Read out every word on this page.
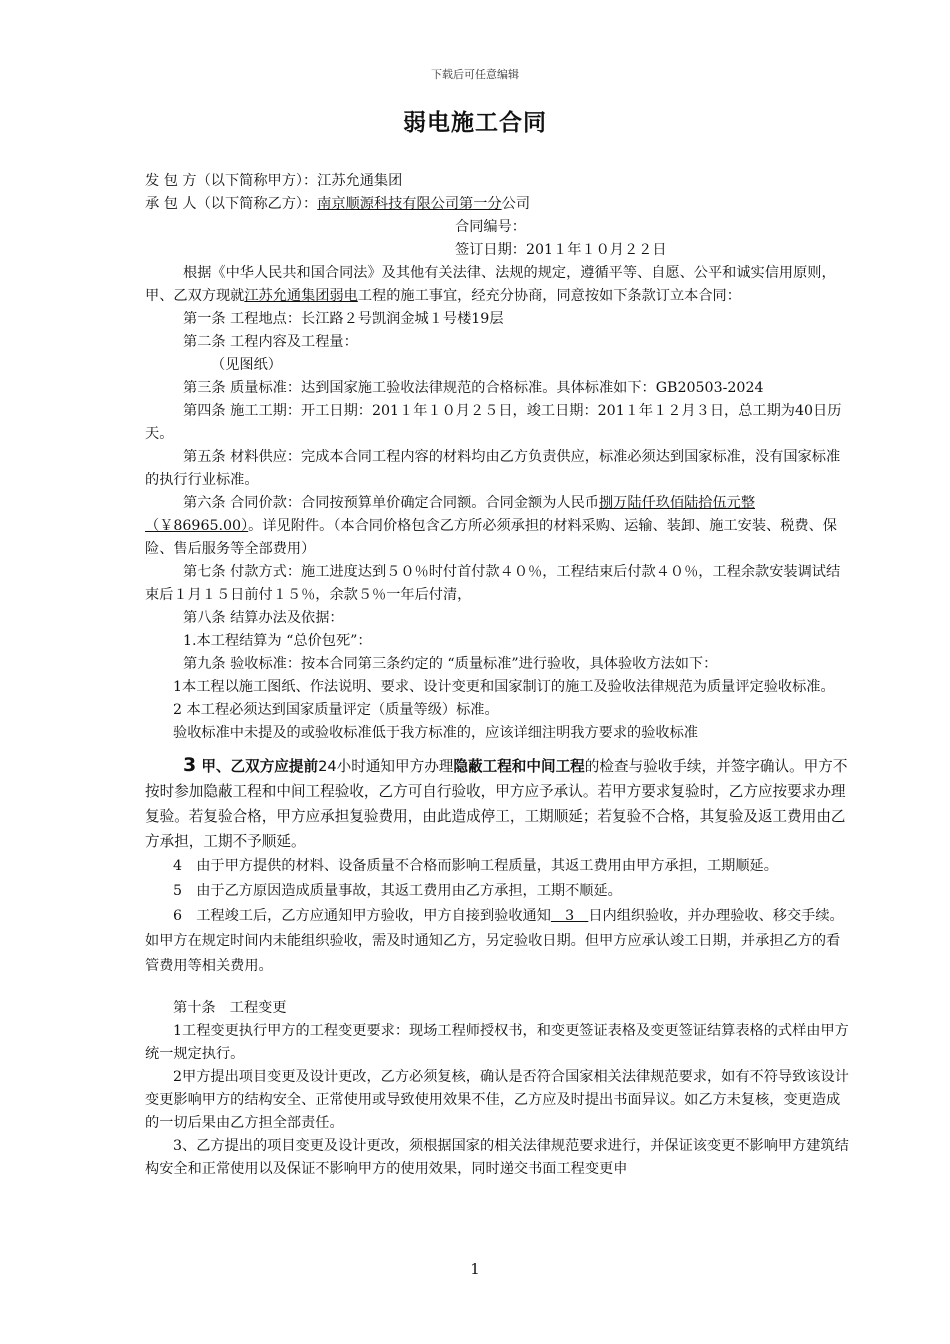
下载后可任意编辑
弱电施工合同

发 包 方（以下简称甲方）：江苏允通集团

承 包 人（以下简称乙方）：南京顺源科技有限公司第一分公司

合同编号：

签订日期：201１年１０月２２日

根据《中华人民共和国合同法》及其他有关法律、法规的规定，遵循平等、自愿、公平和诚实信用原则，甲、乙双方现就江苏允通集团弱电工程的施工事宜，经充分协商，同意按如下条款订立本合同：

第一条 工程地点：长江路２号凯润金城１号楼19层

第二条 工程内容及工程量：

（见图纸）

第三条 质量标准：达到国家施工验收法律规范的合格标准。具体标准如下：GB20503-2024

第四条 施工工期：开工日期：201１年１０月２５日，竣工日期：201１年１２月３日，总工期为40日历天。

第五条 材料供应：完成本合同工程内容的材料均由乙方负责供应，标准必须达到国家标准，没有国家标准的执行行业标准。

第六条 合同价款：合同按预算单价确定合同额。合同金额为人民币捌万陆仟玖佰陆拾伍元整（￥86965.00）。详见附件。（本合同价格包含乙方所必须承担的材料采购、运输、装卸、施工安装、税费、保险、售后服务等全部费用）

第七条 付款方式：施工进度达到５０％时付首付款４０％，工程结束后付款４０％，工程余款安装调试结束后１月１５日前付１５％，余款５％一年后付清，

第八条 结算办法及依据：

1.本工程结算为 “总价包死”：

第九条 验收标准：按本合同第三条约定的 “质量标准”进行验收，具体验收方法如下：

1本工程以施工图纸、作法说明、要求、设计变更和国家制订的施工及验收法律规范为质量评定验收标准。

2 本工程必须达到国家质量评定（质量等级）标准。

验收标准中未提及的或验收标准低于我方标准的，应该详细注明我方要求的验收标准

3 甲、乙双方应提前24小时通知甲方办理隐蔽工程和中间工程的检查与验收手续，并签字确认。甲方不按时参加隐蔽工程和中间工程验收，乙方可自行验收，甲方应予承认。若甲方要求复验时，乙方应按要求办理复验。若复验合格，甲方应承担复验费用，由此造成停工，工期顺延；若复验不合格，其复验及返工费用由乙方承担，工期不予顺延。

4　由于甲方提供的材料、设备质量不合格而影响工程质量，其返工费用由甲方承担，工期顺延。

5　由于乙方原因造成质量事故，其返工费用由乙方承担，工期不顺延。

6　工程竣工后，乙方应通知甲方验收，甲方自接到验收通知　3　日内组织验收，并办理验收、移交手续。如甲方在规定时间内未能组织验收，需及时通知乙方，另定验收日期。但甲方应承认竣工日期，并承担乙方的看管费用等相关费用。

第十条　工程变更

1工程变更执行甲方的工程变更要求：现场工程师授权书，和变更签证表格及变更签证结算表格的式样由甲方统一规定执行。

2甲方提出项目变更及设计更改，乙方必须复核，确认是否符合国家相关法律规范要求，如有不符导致该设计变更影响甲方的结构安全、正常使用或导致使用效果不佳，乙方应及时提出书面异议。如乙方未复核，变更造成的一切后果由乙方担全部责任。

3、乙方提出的项目变更及设计更改，须根据国家的相关法律规范要求进行，并保证该变更不影响甲方建筑结构安全和正常使用以及保证不影响甲方的使用效果，同时递交书面工程变更申

1
